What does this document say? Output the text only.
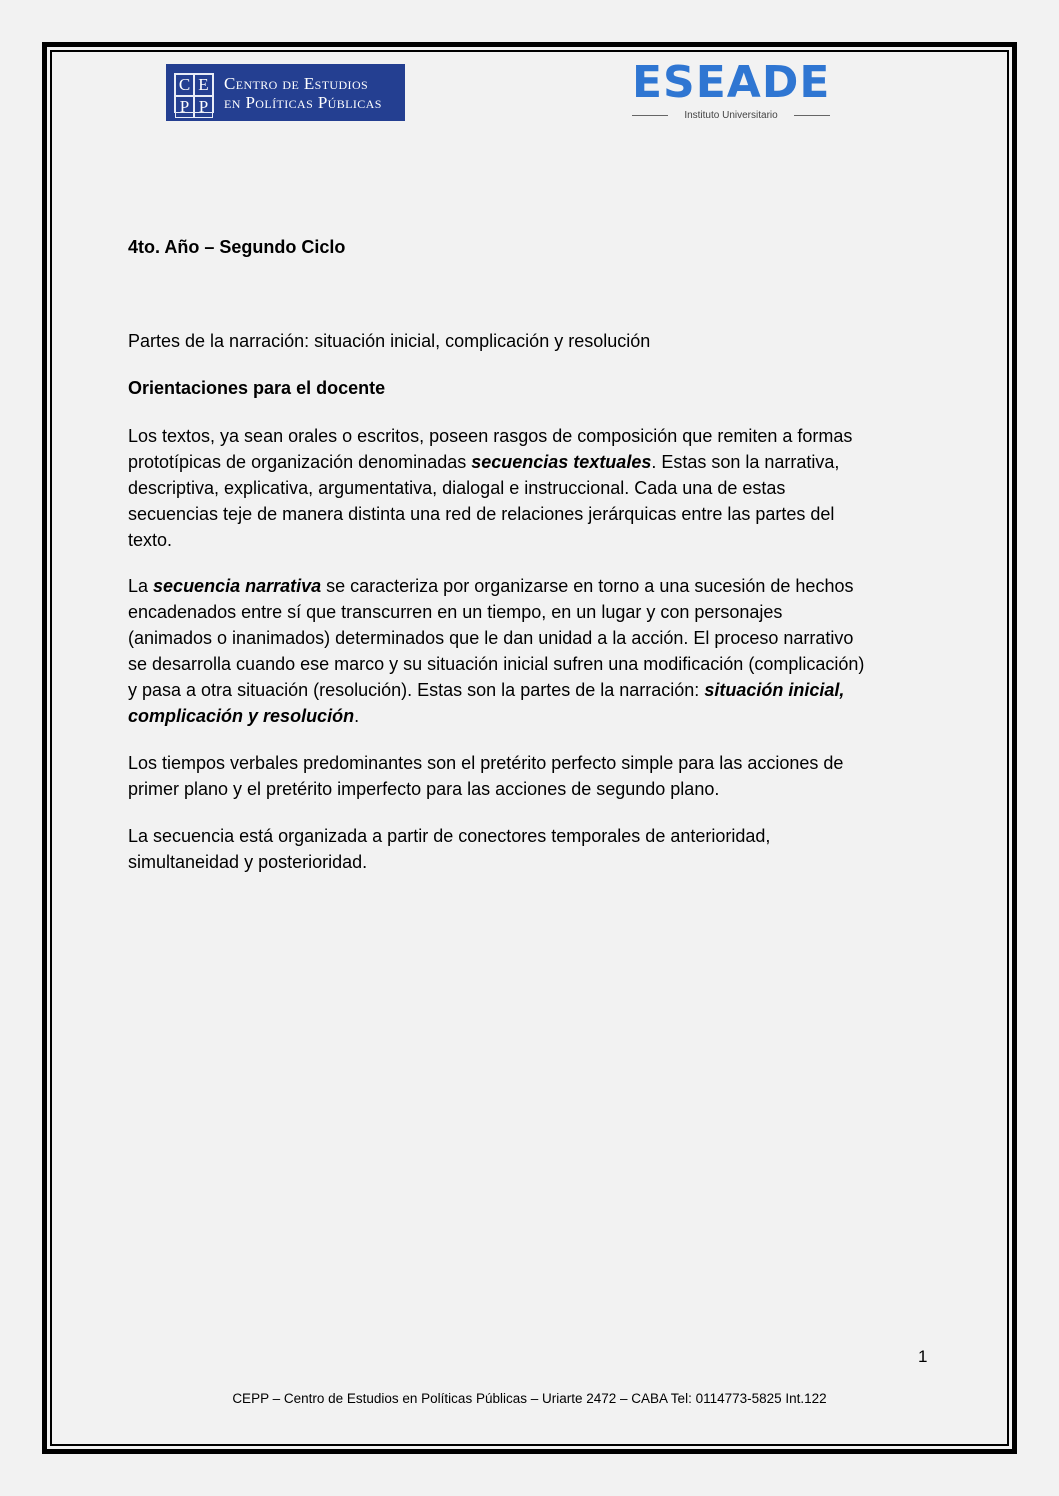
C E
P P
Centro de Estudios
en Políticas Públicas	ESEADE
Instituto Universitario

4to. Año – Segundo Ciclo

Partes de la narración: situación inicial, complicación y resolución

Orientaciones para el docente

Los textos, ya sean orales o escritos, poseen rasgos de composición que remiten a formas

prototípicas de organización denominadas secuencias textuales. Estas son la narrativa,

descriptiva, explicativa, argumentativa, dialogal e instruccional. Cada una de estas

secuencias teje de manera distinta una red de relaciones jerárquicas entre las partes del

texto.

La secuencia narrativa se caracteriza por organizarse en torno a una sucesión de hechos

encadenados entre sí que transcurren en un tiempo, en un lugar y con personajes

(animados o inanimados) determinados que le dan unidad a la acción. El proceso narrativo

se desarrolla cuando ese marco y su situación inicial sufren una modificación (complicación)

y pasa a otra situación (resolución). Estas son la partes de la narración: situación inicial,

complicación y resolución.

Los tiempos verbales predominantes son el pretérito perfecto simple para las acciones de

primer plano y el pretérito imperfecto para las acciones de segundo plano.

La secuencia está organizada a partir de conectores temporales de anterioridad,

simultaneidad y posterioridad.

1
CEPP – Centro de Estudios en Políticas Públicas – Uriarte 2472 – CABA Tel: 0114773-5825 Int.122
